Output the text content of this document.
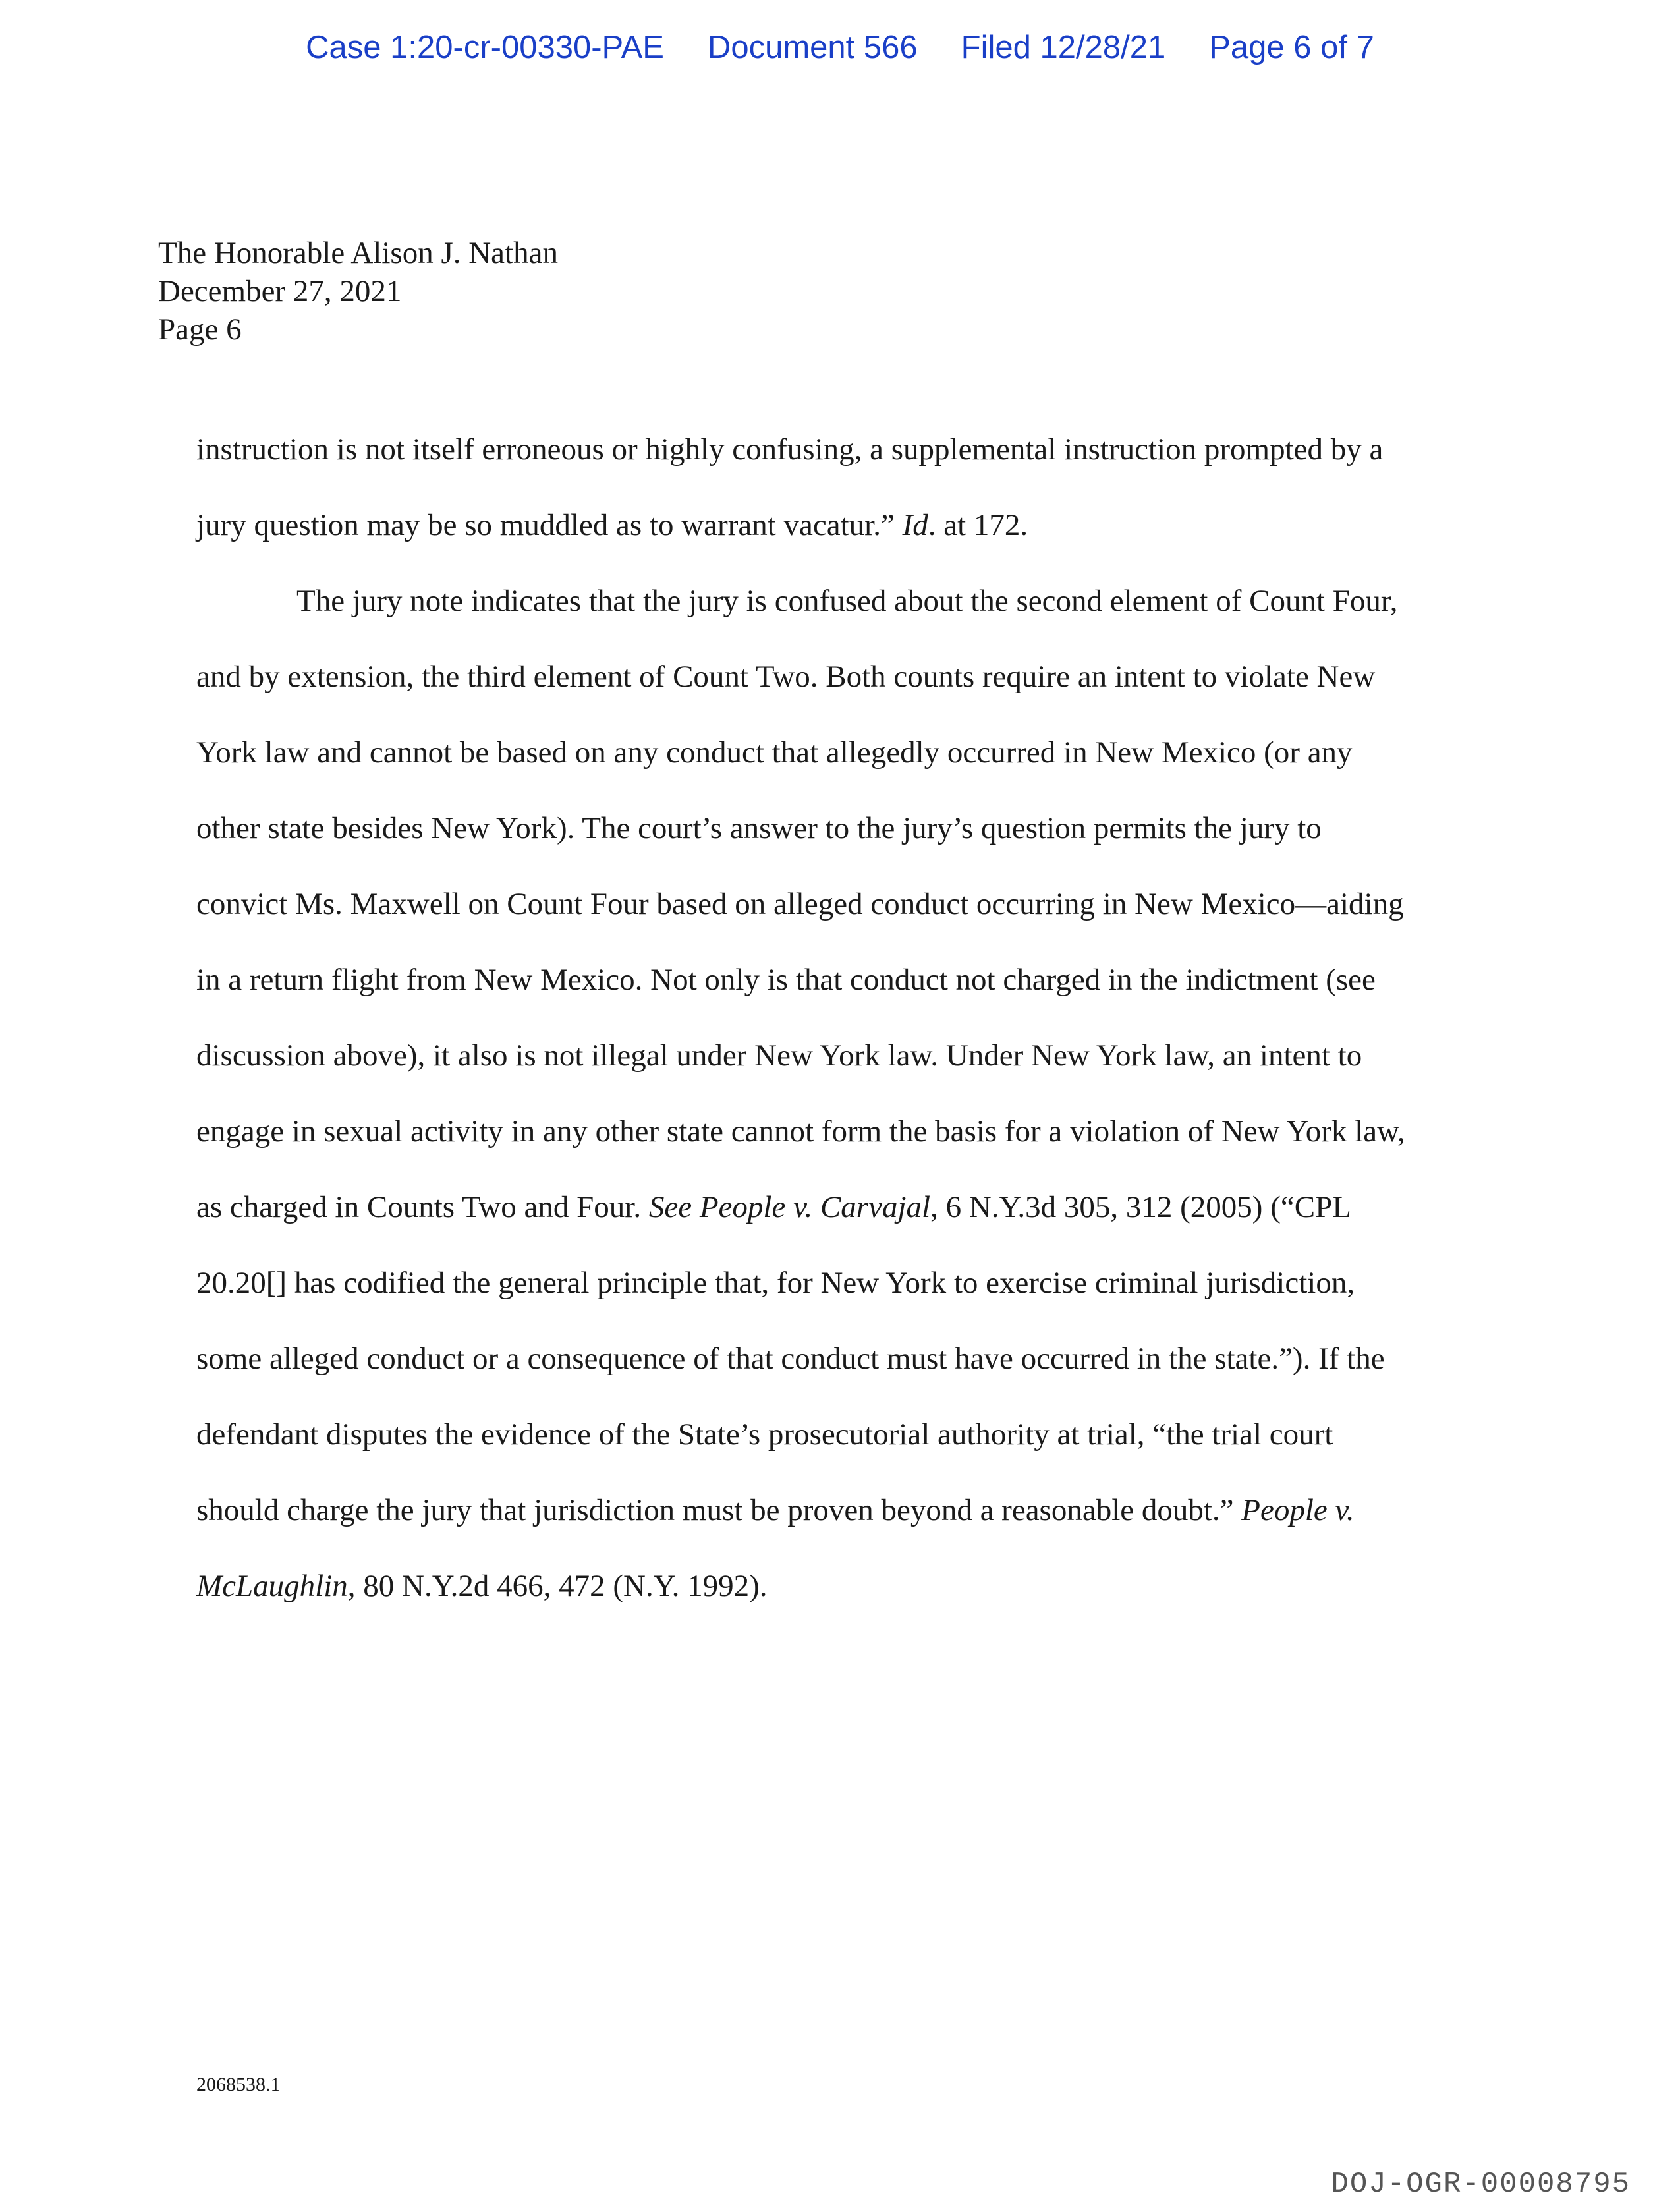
Case 1:20-cr-00330-PAE Document 566 Filed 12/28/21 Page 6 of 7
The Honorable Alison J. Nathan
December 27, 2021
Page 6
instruction is not itself erroneous or highly confusing, a supplemental instruction prompted by a
jury question may be so muddled as to warrant vacatur.” Id. at 172.
The jury note indicates that the jury is confused about the second element of Count Four,
and by extension, the third element of Count Two. Both counts require an intent to violate New
York law and cannot be based on any conduct that allegedly occurred in New Mexico (or any
other state besides New York). The court’s answer to the jury’s question permits the jury to
convict Ms. Maxwell on Count Four based on alleged conduct occurring in New Mexico—aiding
in a return flight from New Mexico. Not only is that conduct not charged in the indictment (see
discussion above), it also is not illegal under New York law. Under New York law, an intent to
engage in sexual activity in any other state cannot form the basis for a violation of New York law,
as charged in Counts Two and Four. See People v. Carvajal, 6 N.Y.3d 305, 312 (2005) (“CPL
20.20[] has codified the general principle that, for New York to exercise criminal jurisdiction,
some alleged conduct or a consequence of that conduct must have occurred in the state.”). If the
defendant disputes the evidence of the State’s prosecutorial authority at trial, “the trial court
should charge the jury that jurisdiction must be proven beyond a reasonable doubt.” People v.
McLaughlin, 80 N.Y.2d 466, 472 (N.Y. 1992).
2068538.1
DOJ-OGR-00008795
